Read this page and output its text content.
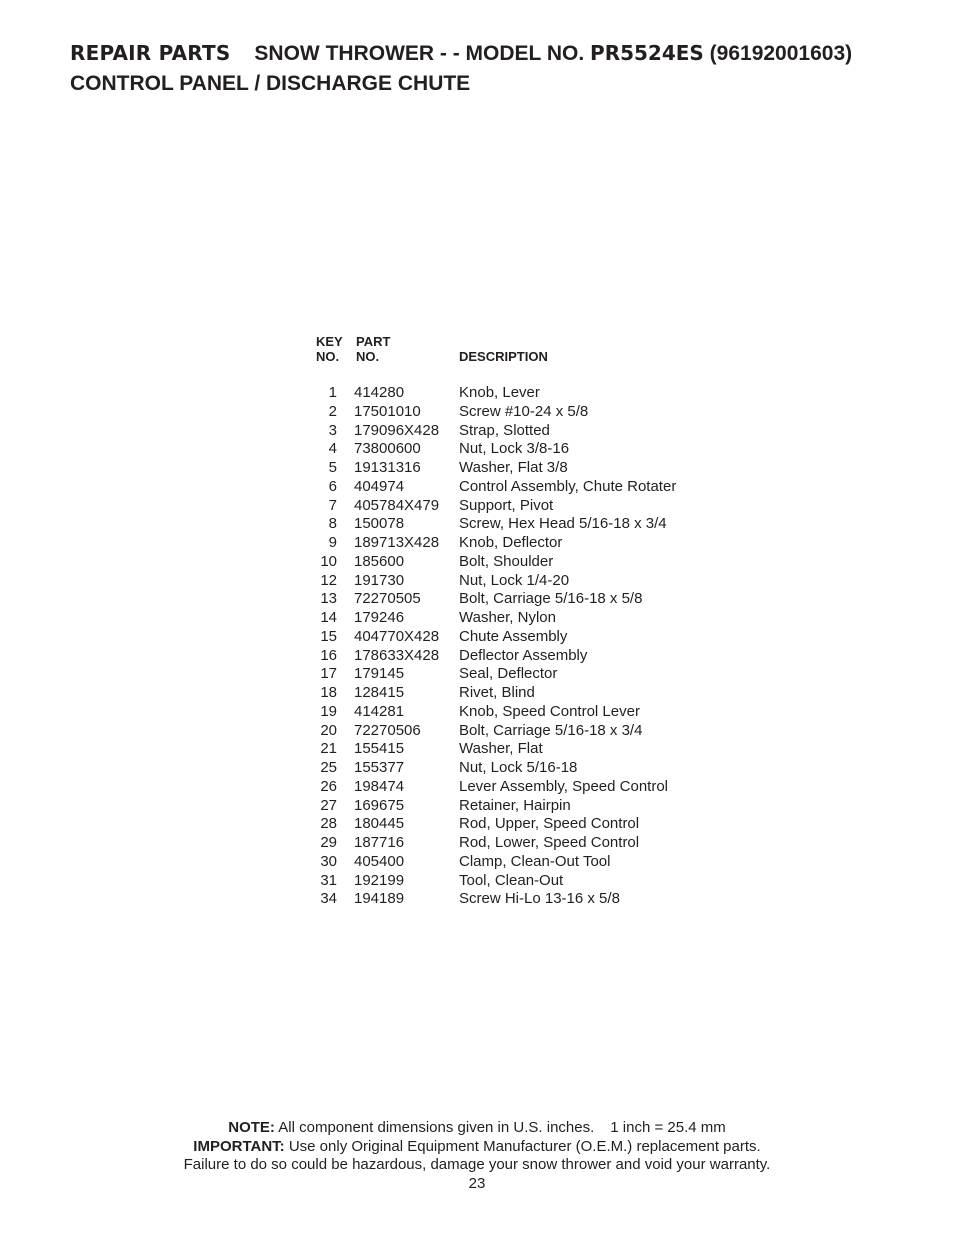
REPAIR PARTS SNOW THROWER - - MODEL NO. PR5524ES (96192001603)
CONTROL PANEL / DISCHARGE CHUTE
KEY
NO.
PART
NO.	DESCRIPTION
1 414280	Knob, Lever
2 17501010	Screw #10-24 x 5/8
3 179096X428 Strap, Slotted
4 73800600	Nut, Lock 3/8-16
5 19131316	Washer, Flat 3/8
6 404974	Control Assembly, Chute Rotater
7 405784X479 Support, Pivot
8 150078	Screw, Hex Head 5/16-18 x 3/4
9 189713X428 Knob, Deflector
10 185600	Bolt, Shoulder
12 191730	Nut, Lock 1/4-20
13 72270505	Bolt, Carriage 5/16-18 x 5/8
14 179246	Washer, Nylon
15 404770X428 Chute Assembly
16 178633X428 Deflector Assembly
17 179145	Seal, Deflector
18 128415	Rivet, Blind
19 414281	Knob, Speed Control Lever
20 72270506	Bolt, Carriage 5/16-18 x 3/4
21 155415	Washer, Flat
25 155377	Nut, Lock 5/16-18
26 198474	Lever Assembly, Speed Control
27 169675	Retainer, Hairpin
28 180445	Rod, Upper, Speed Control
29 187716	Rod, Lower, Speed Control
30 405400	Clamp, Clean-Out Tool
31 192199	Tool, Clean-Out
34 194189	Screw Hi-Lo 13-16 x 5/8
NOTE: All component dimensions given in U.S. inches. 1 inch = 25.4 mm
IMPORTANT: Use only Original Equipment Manufacturer (O.E.M.) replacement parts.
Failure to do so could be hazardous, damage your snow thrower and void your warranty.
23
